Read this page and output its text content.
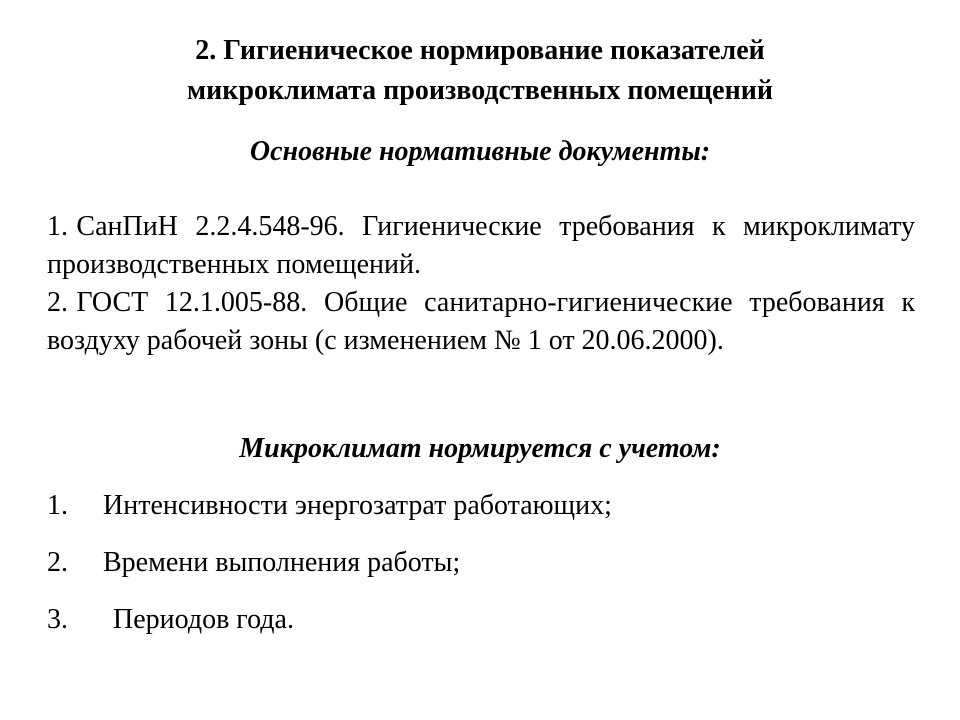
2. Гигиеническое нормирование показателей
микроклимата производственных помещений
Основные нормативные документы:
1. СанПиН 2.2.4.548-96. Гигиенические требования к микроклимату производственных помещений.
2. ГОСТ 12.1.005-88. Общие санитарно-гигиенические требования к воздуху рабочей зоны (с изменением № 1 от 20.06.2000).
Микроклимат нормируется с учетом:
1. Интенсивности энергозатрат работающих;
2. Времени выполнения работы;
3. Периодов года.
